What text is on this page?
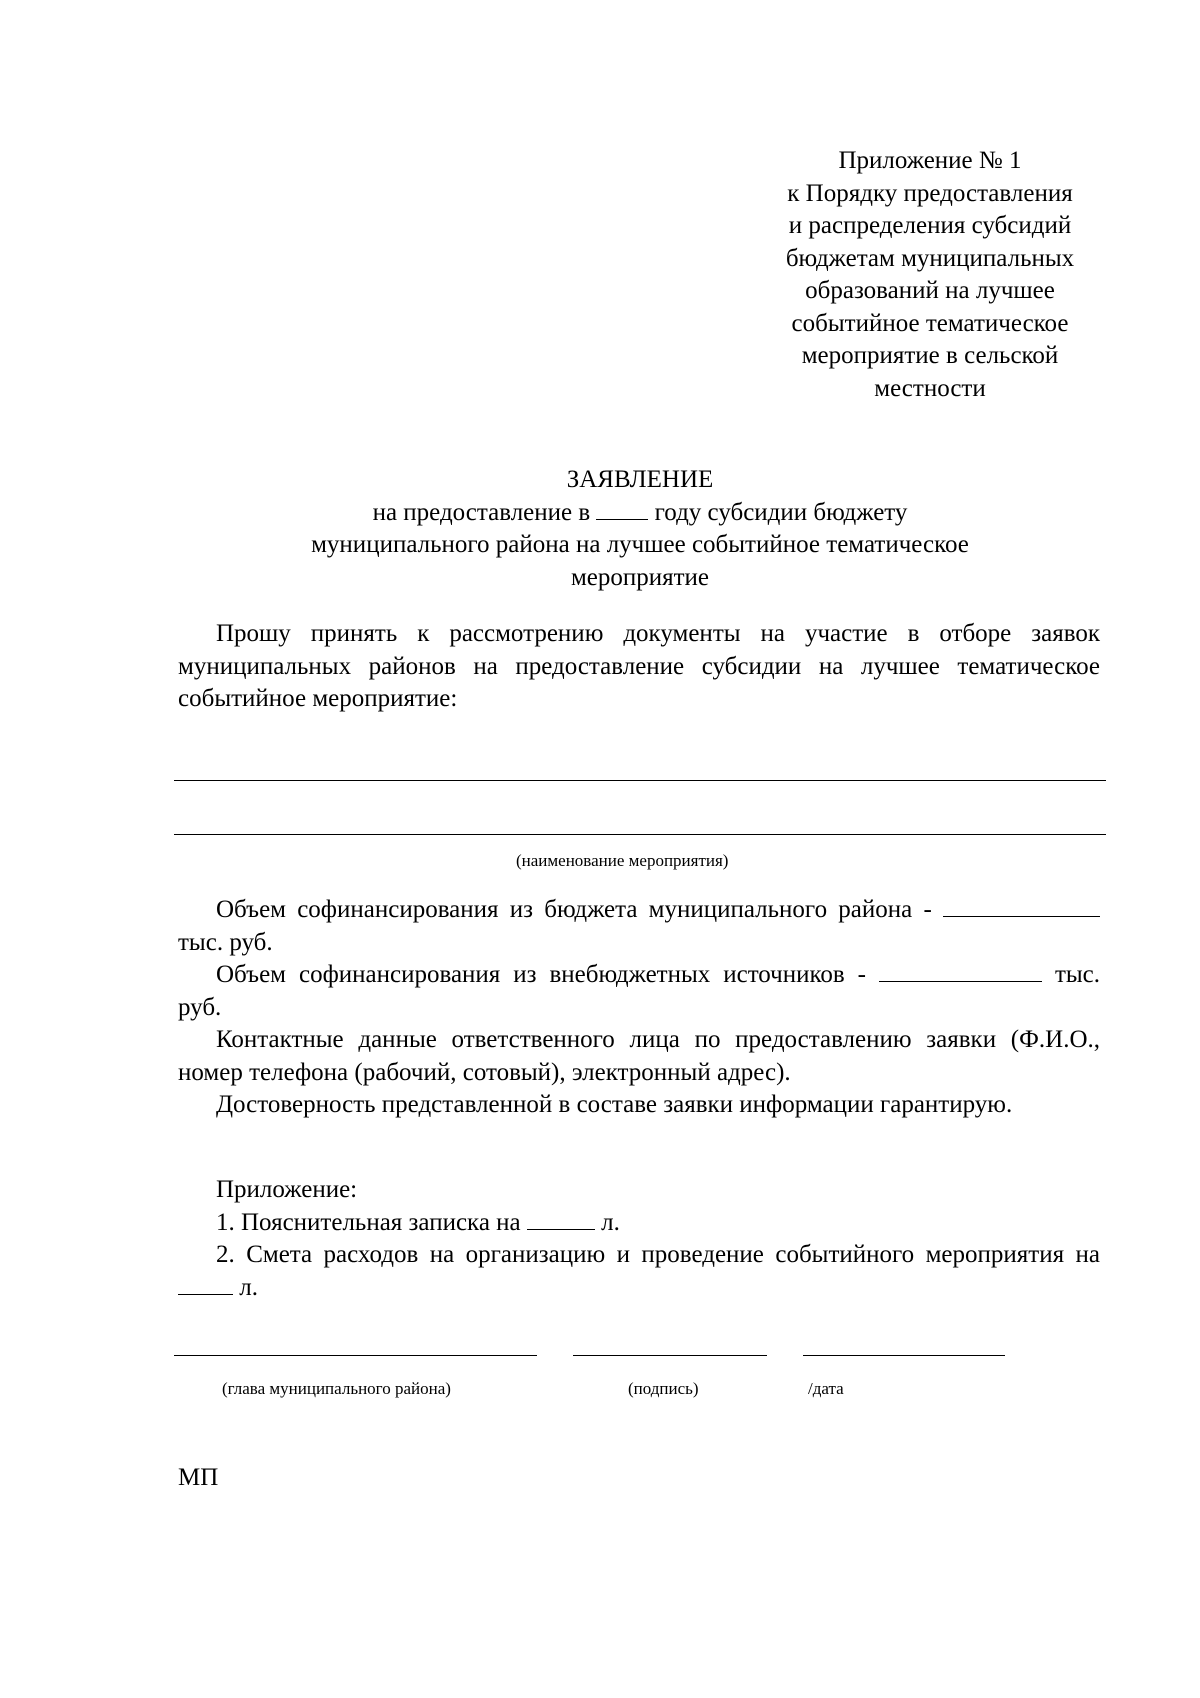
Приложение № 1
к Порядку предоставления
и распределения субсидий
бюджетам муниципальных
образований на лучшее
событийное тематическое
мероприятие в сельской
местности
ЗАЯВЛЕНИЕ
на предоставление в	году субсидии бюджету
муниципального района на лучшее событийное тематическое
мероприятие
Прошу принять к рассмотрению документы на участие в отборе заявок муниципальных районов на предоставление субсидии на лучшее тематическое событийное мероприятие:
(наименование мероприятия)
Объем софинансирования из бюджета муниципального района -  тыс. руб.
Объем софинансирования из внебюджетных источников -	тыс. руб.
Контактные данные ответственного лица по предоставлению заявки (Ф.И.О., номер телефона (рабочий, сотовый), электронный адрес).
Достоверность представленной в составе заявки информации гарантирую.
Приложение:
1. Пояснительная записка на	л.
2. Смета расходов на организацию и проведение событийного мероприятия на  л.
(глава муниципального района)	(подпись)	/дата
МП
